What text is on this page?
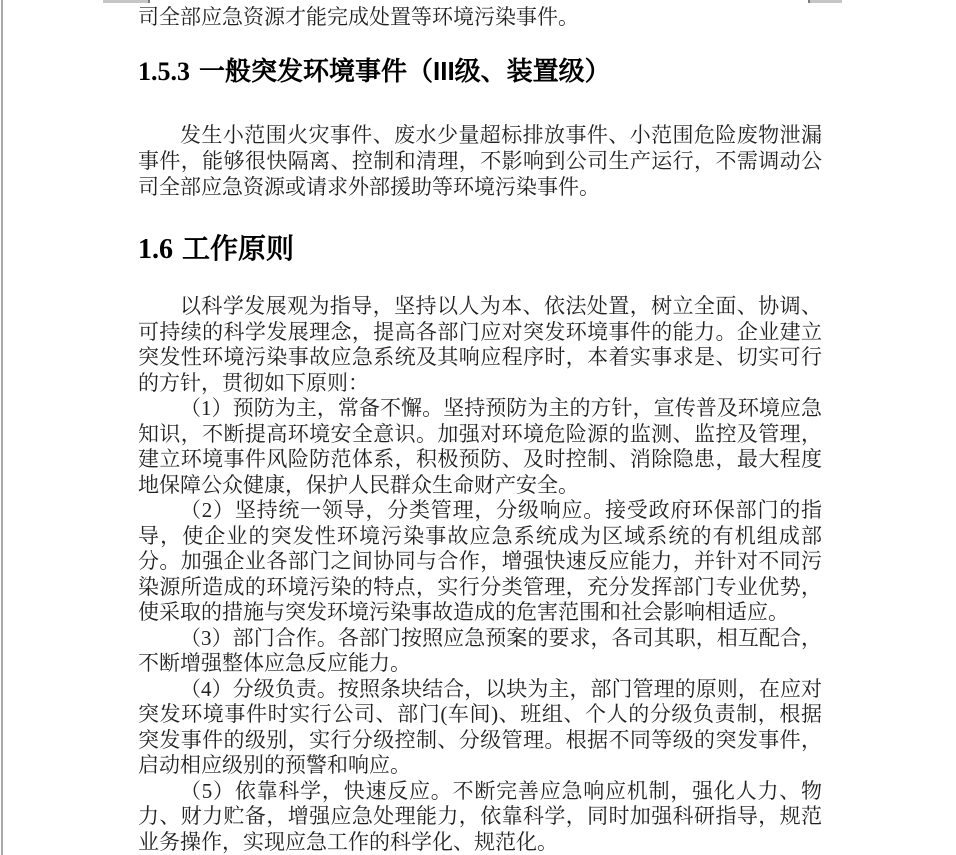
司全部应急资源才能完成处置等环境污染事件。

1.5.3 一般突发环境事件（III级、装置级）

发生小范围火灾事件、废水少量超标排放事件、小范围危险废物泄漏事件，能够很快隔离、控制和清理，不影响到公司生产运行，不需调动公司全部应急资源或请求外部援助等环境污染事件。

1.6 工作原则

以科学发展观为指导，坚持以人为本、依法处置，树立全面、协调、可持续的科学发展理念，提高各部门应对突发环境事件的能力。企业建立突发性环境污染事故应急系统及其响应程序时，本着实事求是、切实可行的方针，贯彻如下原则：

（1）预防为主，常备不懈。坚持预防为主的方针，宣传普及环境应急知识，不断提高环境安全意识。加强对环境危险源的监测、监控及管理，建立环境事件风险防范体系，积极预防、及时控制、消除隐患，最大程度地保障公众健康，保护人民群众生命财产安全。

（2）坚持统一领导，分类管理，分级响应。接受政府环保部门的指导，使企业的突发性环境污染事故应急系统成为区域系统的有机组成部分。加强企业各部门之间协同与合作，增强快速反应能力，并针对不同污染源所造成的环境污染的特点，实行分类管理，充分发挥部门专业优势，使采取的措施与突发环境污染事故造成的危害范围和社会影响相适应。

（3）部门合作。各部门按照应急预案的要求，各司其职，相互配合，不断增强整体应急反应能力。

（4）分级负责。按照条块结合，以块为主，部门管理的原则，在应对突发环境事件时实行公司、部门(车间)、班组、个人的分级负责制，根据突发事件的级别，实行分级控制、分级管理。根据不同等级的突发事件，启动相应级别的预警和响应。

（5）依靠科学，快速反应。不断完善应急响应机制，强化人力、物力、财力贮备，增强应急处理能力，依靠科学，同时加强科研指导，规范业务操作，实现应急工作的科学化、规范化。
